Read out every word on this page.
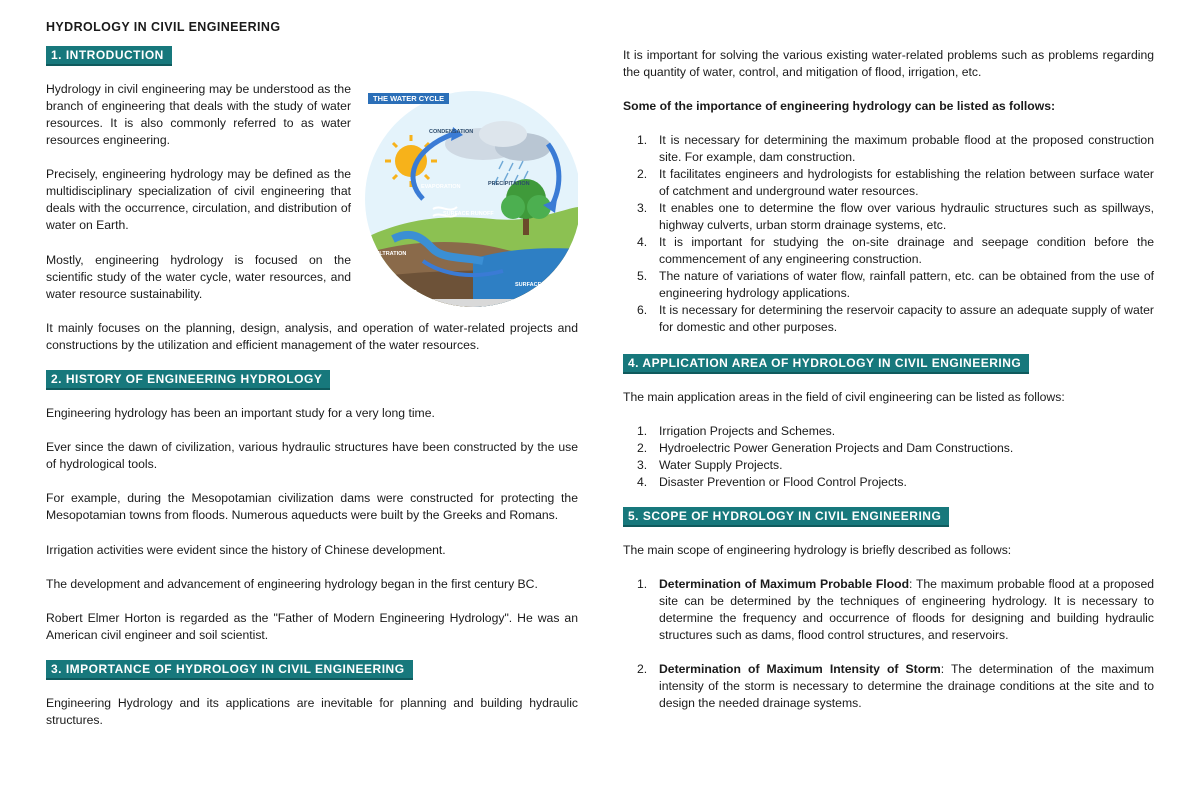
HYDROLOGY IN CIVIL ENGINEERING
1. INTRODUCTION

Hydrology in civil engineering may be understood as the branch of engineering that deals with the study of water resources. It is also commonly referred to as water resources engineering.

Precisely, engineering hydrology may be defined as the multidisciplinary specialization of civil engineering that deals with the occurrence, circulation, and distribution of water on Earth.

Mostly, engineering hydrology is focused on the scientific study of the water cycle, water resources, and water resource sustainability.

It mainly focuses on the planning, design, analysis, and operation of water-related projects and constructions by the utilization and efficient management of the water resources.

2. HISTORY OF ENGINEERING HYDROLOGY

Engineering hydrology has been an important study for a very long time.

Ever since the dawn of civilization, various hydraulic structures have been constructed by the use of hydrological tools.

For example, during the Mesopotamian civilization dams were constructed for protecting the Mesopotamian towns from floods. Numerous aqueducts were built by the Greeks and Romans.

Irrigation activities were evident since the history of Chinese development.

The development and advancement of engineering hydrology began in the first century BC.

Robert Elmer Horton is regarded as the "Father of Modern Engineering Hydrology". He was an American civil engineer and soil scientist.

3. IMPORTANCE OF HYDROLOGY IN CIVIL ENGINEERING

Engineering Hydrology and its applications are inevitable for planning and building hydraulic structures.

THE WATER CYCLE
CONDENSATION
PRECIPITATION
EVAPORATION
SURFACE RUNOFF
INFILTRATION
GROUNDWATER
SURFACE WATER

It is important for solving the various existing water-related problems such as problems regarding the quantity of water, control, and mitigation of flood, irrigation, etc.

Some of the importance of engineering hydrology can be listed as follows:

1. It is necessary for determining the maximum probable flood at the proposed construction site. For example, dam construction.
2. It facilitates engineers and hydrologists for establishing the relation between surface water of catchment and underground water resources.
3. It enables one to determine the flow over various hydraulic structures such as spillways, highway culverts, urban storm drainage systems, etc.
4. It is important for studying the on-site drainage and seepage condition before the commencement of any engineering construction.
5. The nature of variations of water flow, rainfall pattern, etc. can be obtained from the use of engineering hydrology applications.
6. It is necessary for determining the reservoir capacity to assure an adequate supply of water for domestic and other purposes.
4. APPLICATION AREA OF HYDROLOGY IN CIVIL ENGINEERING

The main application areas in the field of civil engineering can be listed as follows:

1. Irrigation Projects and Schemes.
2. Hydroelectric Power Generation Projects and Dam Constructions.
3. Water Supply Projects.
4. Disaster Prevention or Flood Control Projects.
5. SCOPE OF HYDROLOGY IN CIVIL ENGINEERING

The main scope of engineering hydrology is briefly described as follows:

1. Determination of Maximum Probable Flood: The maximum probable flood at a proposed site can be determined by the techniques of engineering hydrology. It is necessary to determine the frequency and occurrence of floods for designing and building hydraulic structures such as dams, flood control structures, and reservoirs.
2. Determination of Maximum Intensity of Storm: The determination of the maximum intensity of the storm is necessary to determine the drainage conditions at the site and to design the needed drainage systems.
